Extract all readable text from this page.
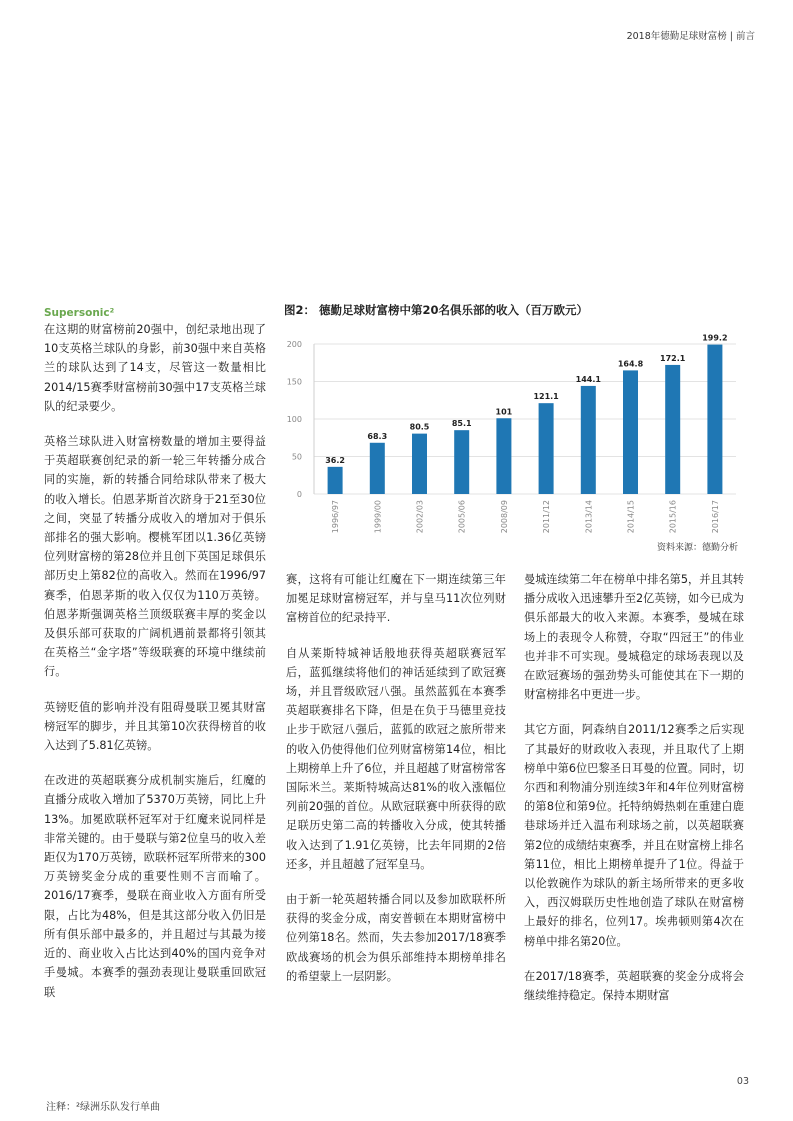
2018年德勤足球财富榜 | 前言
Supersonic²

在这期的财富榜前20强中，创纪录地出现了10支英格兰球队的身影，前30强中来自英格兰的球队达到了14支，尽管这一数量相比2014/15赛季财富榜前30强中17支英格兰球队的纪录要少。

英格兰球队进入财富榜数量的增加主要得益于英超联赛创纪录的新一轮三年转播分成合同的实施，新的转播合同给球队带来了极大的收入增长。伯恩茅斯首次跻身于21至30位之间，突显了转播分成收入的增加对于俱乐部排名的强大影响。樱桃军团以1.36亿英镑位列财富榜的第28位并且创下英国足球俱乐部历史上第82位的高收入。然而在1996/97赛季，伯恩茅斯的收入仅仅为110万英镑。伯恩茅斯强调英格兰顶级联赛丰厚的奖金以及俱乐部可获取的广阔机遇前景都将引领其在英格兰“金字塔”等级联赛的环境中继续前行。

英镑贬值的影响并没有阻碍曼联卫冕其财富榜冠军的脚步，并且其第10次获得榜首的收入达到了5.81亿英镑。

在改进的英超联赛分成机制实施后，红魔的直播分成收入增加了5370万英镑，同比上升13%。加冕欧联杯冠军对于红魔来说同样是非常关键的。由于曼联与第2位皇马的收入差距仅为170万英镑，欧联杯冠军所带来的300万英镑奖金分成的重要性则不言而喻了。2016/17赛季，曼联在商业收入方面有所受限，占比为48%，但是其这部分收入仍旧是所有俱乐部中最多的，并且超过与其最为接近的、商业收入占比达到40%的国内竞争对手曼城。本赛季的强劲表现让曼联重回欧冠联

图2： 德勤足球财富榜中第20名俱乐部的收入（百万欧元）
0
50
100
150
200
36.2
1996/97
68.3
1999/00
80.5
2002/03
85.1
2005/06
101
2008/09
121.1
2011/12
144.1
2013/14
164.8
2014/15
172.1
2015/16
199.2
2016/17
资料来源：德勤分析

赛，这将有可能让红魔在下一期连续第三年加冕足球财富榜冠军，并与皇马11次位列财富榜首位的纪录持平.

自从莱斯特城神话般地获得英超联赛冠军后，蓝狐继续将他们的神话延续到了欧冠赛场，并且晋级欧冠八强。虽然蓝狐在本赛季英超联赛排名下降，但是在负于马德里竞技止步于欧冠八强后，蓝狐的欧冠之旅所带来的收入仍使得他们位列财富榜第14位，相比上期榜单上升了6位，并且超越了财富榜常客国际米兰。莱斯特城高达81%的收入涨幅位列前20强的首位。从欧冠联赛中所获得的欧足联历史第二高的转播收入分成，使其转播收入达到了1.91亿英镑，比去年同期的2倍还多，并且超越了冠军皇马。

由于新一轮英超转播合同以及参加欧联杯所获得的奖金分成，南安普顿在本期财富榜中位列第18名。然而，失去参加2017/18赛季欧战赛场的机会为俱乐部维持本期榜单排名的希望蒙上一层阴影。

曼城连续第二年在榜单中排名第5，并且其转播分成收入迅速攀升至2亿英镑，如今已成为俱乐部最大的收入来源。本赛季，曼城在球场上的表现令人称赞，夺取“四冠王”的伟业也并非不可实现。曼城稳定的球场表现以及在欧冠赛场的强劲势头可能使其在下一期的财富榜排名中更进一步。

其它方面，阿森纳自2011/12赛季之后实现了其最好的财政收入表现，并且取代了上期榜单中第6位巴黎圣日耳曼的位置。同时，切尔西和利物浦分别连续3年和4年位列财富榜的第8位和第9位。托特纳姆热刺在重建白鹿巷球场并迁入温布利球场之前，以英超联赛第2位的成绩结束赛季，并且在财富榜上排名第11位，相比上期榜单提升了1位。得益于以伦敦碗作为球队的新主场所带来的更多收入，西汉姆联历史性地创造了球队在财富榜上最好的排名，位列17。埃弗顿则第4次在榜单中排名第20位。

在2017/18赛季，英超联赛的奖金分成将会继续维持稳定。保持本期财富

03
注释：²绿洲乐队发行单曲
